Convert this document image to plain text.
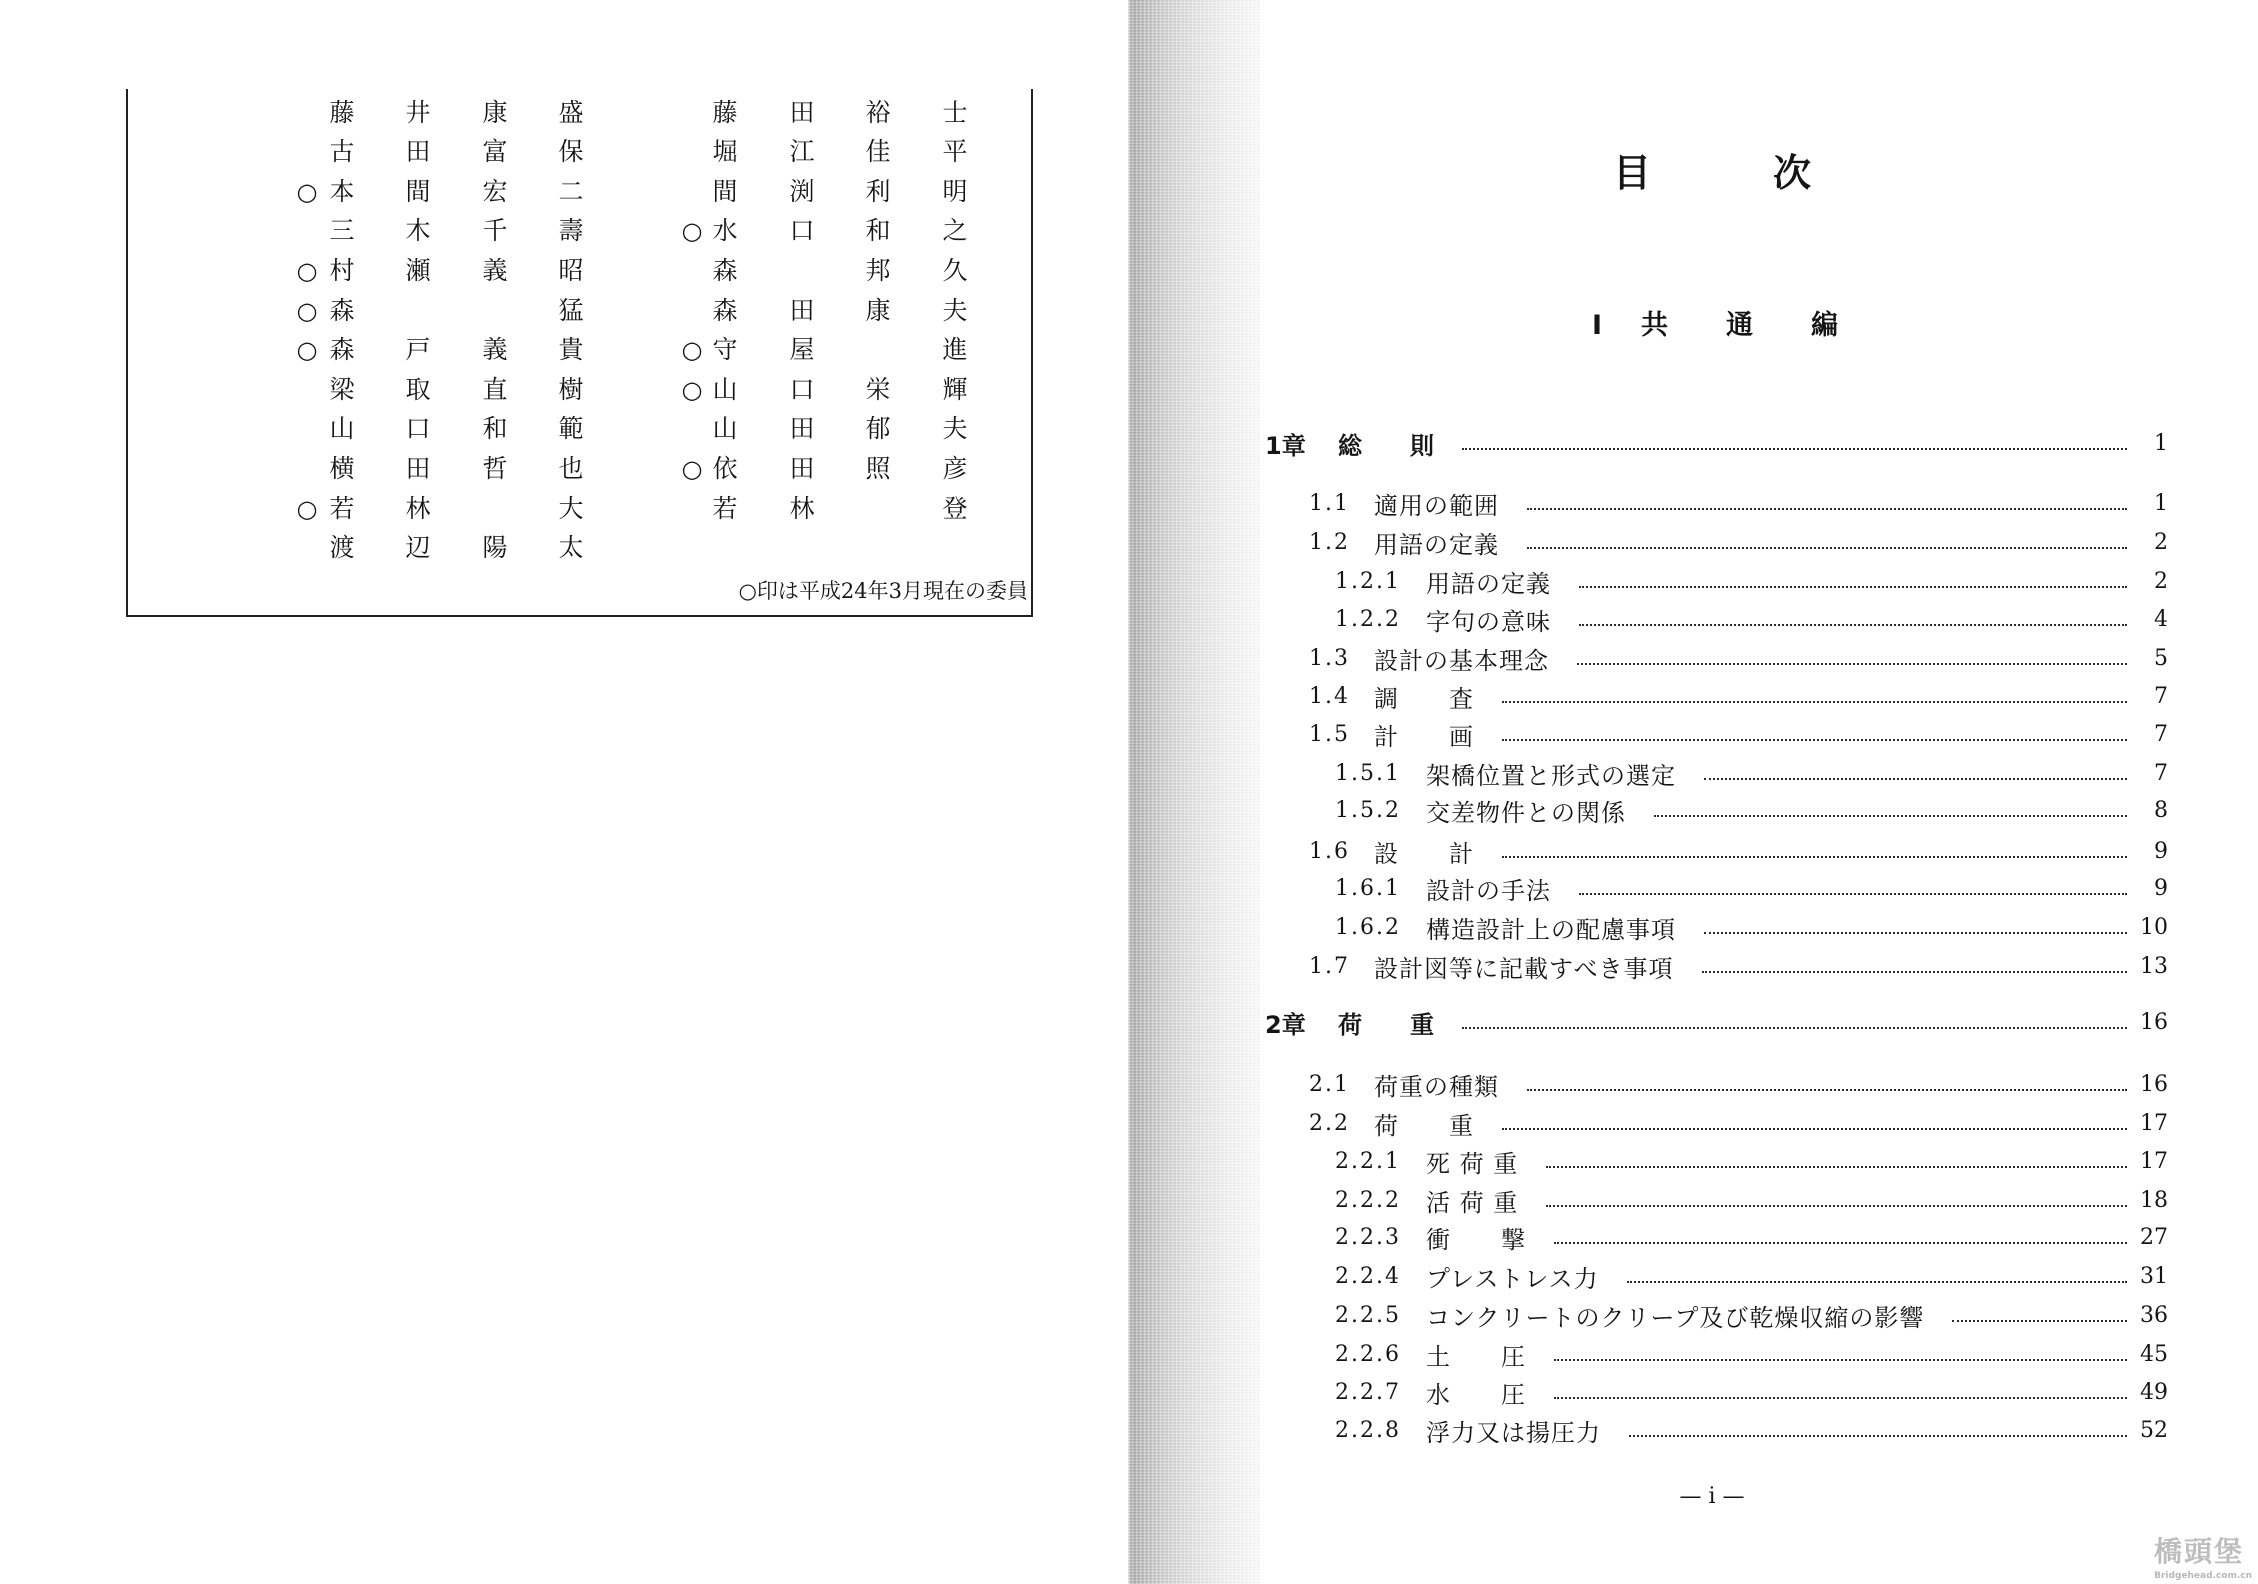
藤 井 康 盛
古 田 富 保
○ 本 間 宏 二
三 木 千 壽
○ 村 瀬 義 昭
○ 森	猛
○ 森 戸 義 貴
梁 取 直 樹
山 口 和 範
横 田 哲 也
○ 若 林	大
渡 辺 陽 太
藤 田 裕 士
堀 江 佳 平
間 渕 利 明
○ 水 口 和 之
森	邦 久
森 田 康 夫
○ 守 屋	進
○ 山 口 栄 輝
山 田 郁 夫
○ 依 田 照 彦
若 林	登
○印は平成24年3月現在の委員
目次
I 共通編
1章	総　　則	1
1.1	適用の範囲	1
1.2	用語の定義	2
1.2.1	用語の定義	2
1.2.2	字句の意味	4
1.3	設計の基本理念	5
1.4	調　　査	7
1.5	計　　画	7
1.5.1	架橋位置と形式の選定	7
1.5.2	交差物件との関係	8
1.6	設　　計	9
1.6.1	設計の手法	9
1.6.2	構造設計上の配慮事項	10
1.7	設計図等に記載すべき事項	13
2章	荷　　重	16
2.1	荷重の種類	16
2.2	荷　　重	17
2.2.1	死 荷 重	17
2.2.2	活 荷 重	18
2.2.3	衝　　撃	27
2.2.4	プレストレス力	31
2.2.5	コンクリートのクリープ及び乾燥収縮の影響	36
2.2.6	土　　圧	45
2.2.7	水　　圧	49
2.2.8	浮力又は揚圧力	52
— i —
橋頭堡
Bridgehead.com.cn
